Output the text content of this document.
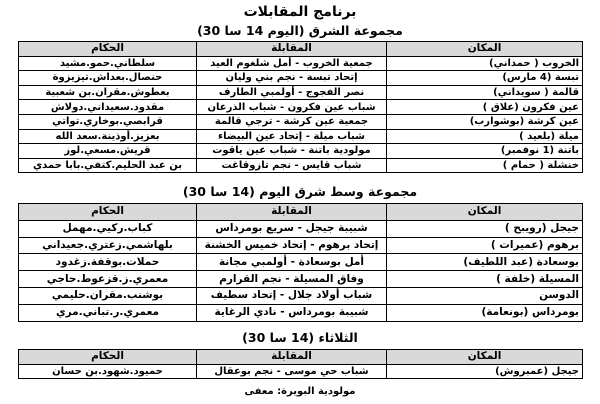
برنامج المقابلات
مجموعة الشرق (اليوم 14 سا 30)
المكان	المقابلة	الحكام
الخروب ( حمداني)	جمعية الخروب - أمل شلغوم العيد	سلطاني.حمو.مشيد
تبسة (4 مارس)	إتحاد تبسة - نجم بني وليان	حنصال.بعداش.تيزيزوة
قالمة ( سويداني)	نصر الفجوج - أولمبي الطارف	بعطوش.مقران.بن شعبية
عين فكرون (علاق )	شباب عين فكرون - شباب الذرعان	مقدود.سعيداني.دولاش
عين كرشة (بوشوارب)	جمعية عين كرشة - ترجي قالمة	قرابصي.بوخاري.تواتي
ميلة (بلعيد )	شباب ميلة - إتحاد عين البيضاء	بعزيز.أوذينة.سعد الله
باتنة (1 نوفمبر)	مولودية باتنة - شباب عين ياقوت	قريش.مسعي.لوز
خنشلة ( حمام )	شباب قايس - نجم تازوقاغت	بن عبد الحليم.كتفي.بابا حمدي
مجموعة وسط شرق اليوم (14 سا 30)
المكان	المقابلة	الحكام
جيجل (رويبح )	شبيبة جيجل - سريع بومرداس	كباب.ركيي.مهمل
برهوم (عميرات )	إتحاد برهوم - إتحاد خميس الخشنة	بلهاشمي.زعتري.جعيداني
بوسعادة (عبد اللطيف)	أمل بوسعادة - أولمبي مجانة	حملات.بوقفة.زغدود
المسيلة (خلفة )	وفاق المسيلة - نجم القرارم	معمري.ز.قزعوط.حاجي
الدوسن	شباب أولاد جلال - إتحاد سطيف	بوشنب.مقران.حليمي
بومرداس (بونعامة)	شبيبة بومرداس - نادي الرغاية	معمري.ر.تباني.مري
الثلاثاء (14 سا 30)
المكان	المقابلة	الحكام
جيجل (عمبروش)	شباب حي موسى - نجم بوعقال	حميود.شهود.بن حسان
مولودية البويرة: معفى
